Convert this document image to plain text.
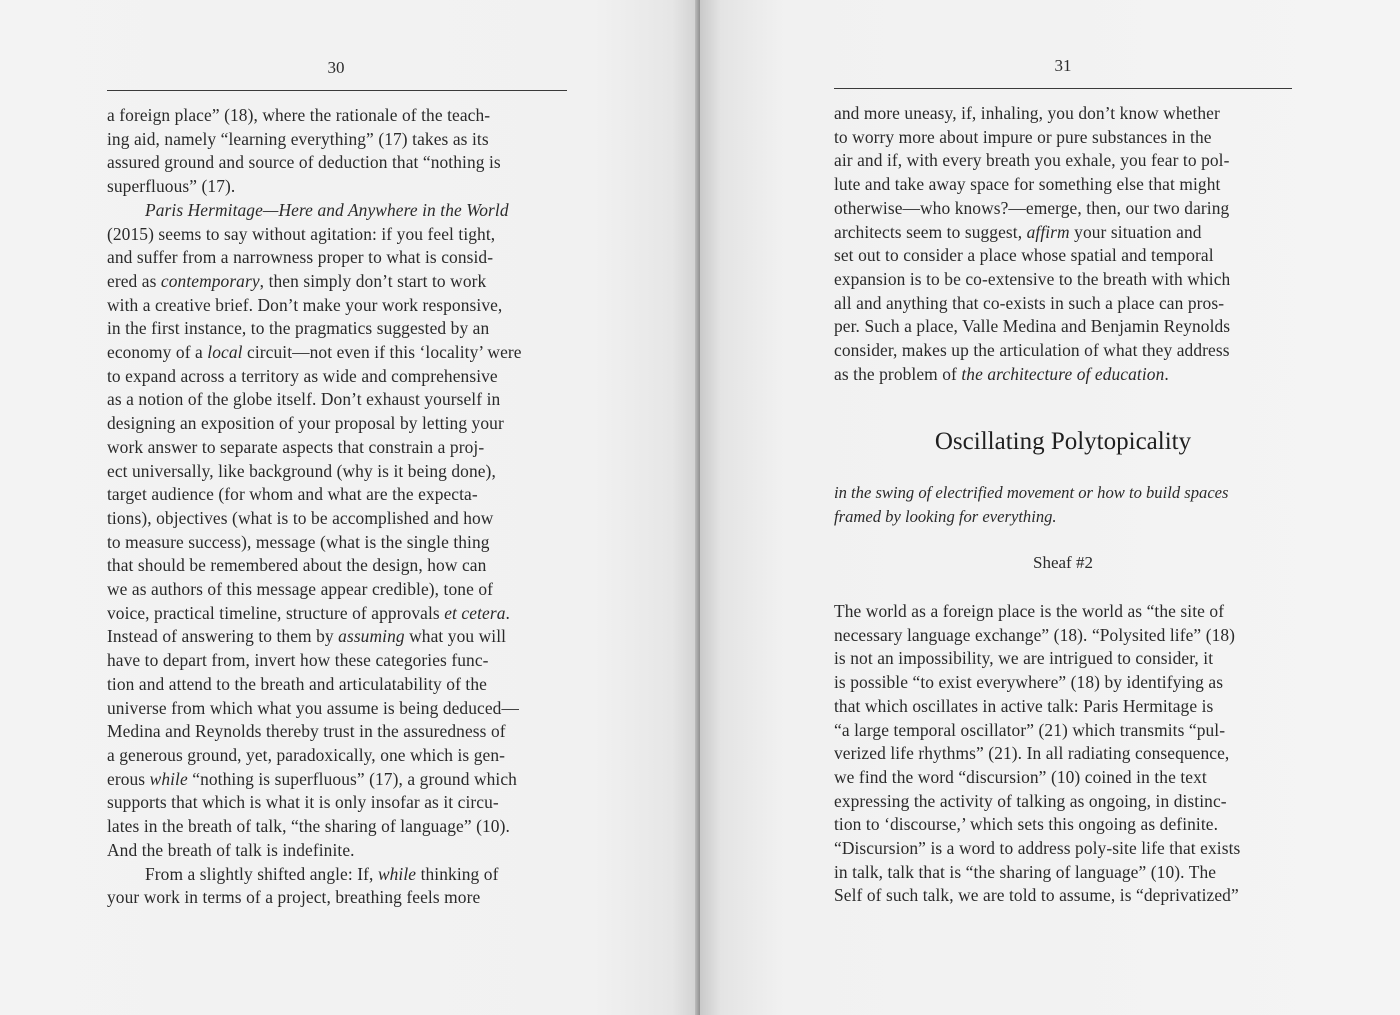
30

a foreign place” (18), where the rationale of the teach-

ing aid, namely “learning everything” (17) takes as its

assured ground and source of deduction that “nothing is

superfluous” (17).

Paris Hermitage—Here and Anywhere in the World

(2015) seems to say without agitation: if you feel tight,

and suffer from a narrowness proper to what is consid-

ered as contemporary, then simply don’t start to work

with a creative brief. Don’t make your work responsive,

in the first instance, to the pragmatics suggested by an

economy of a local circuit—not even if this ‘locality’ were

to expand across a territory as wide and comprehensive

as a notion of the globe itself. Don’t exhaust yourself in

designing an exposition of your proposal by letting your

work answer to separate aspects that constrain a proj-

ect universally, like background (why is it being done),

target audience (for whom and what are the expecta-

tions), objectives (what is to be accomplished and how

to measure success), message (what is the single thing

that should be remembered about the design, how can

we as authors of this message appear credible), tone of

voice, practical timeline, structure of approvals et cetera.

Instead of answering to them by assuming what you will

have to depart from, invert how these categories func-

tion and attend to the breath and articulatability of the

universe from which what you assume is being deduced—

Medina and Reynolds thereby trust in the assuredness of

a generous ground, yet, paradoxically, one which is gen-

erous while “nothing is superfluous” (17), a ground which

supports that which is what it is only insofar as it circu-

lates in the breath of talk, “the sharing of language” (10).

And the breath of talk is indefinite.

From a slightly shifted angle: If, while thinking of

your work in terms of a project, breathing feels more

31

and more uneasy, if, inhaling, you don’t know whether

to worry more about impure or pure substances in the

air and if, with every breath you exhale, you fear to pol-

lute and take away space for something else that might

otherwise—who knows?—emerge, then, our two daring

architects seem to suggest, affirm your situation and

set out to consider a place whose spatial and temporal

expansion is to be co-extensive to the breath with which

all and anything that co-exists in such a place can pros-

per. Such a place, Valle Medina and Benjamin Reynolds

consider, makes up the articulation of what they address

as the problem of the architecture of education.

Oscillating Polytopicality

in the swing of electrified movement or how to build spaces

framed by looking for everything.

Sheaf #2

The world as a foreign place is the world as “the site of

necessary language exchange” (18). “Polysited life” (18)

is not an impossibility, we are intrigued to consider, it

is possible “to exist everywhere” (18) by identifying as

that which oscillates in active talk: Paris Hermitage is

“a large temporal oscillator” (21) which transmits “pul-

verized life rhythms” (21). In all radiating consequence,

we find the word “discursion” (10) coined in the text

expressing the activity of talking as ongoing, in distinc-

tion to ‘discourse,’ which sets this ongoing as definite.

“Discursion” is a word to address poly-site life that exists

in talk, talk that is “the sharing of language” (10). The

Self of such talk, we are told to assume, is “deprivatized”
